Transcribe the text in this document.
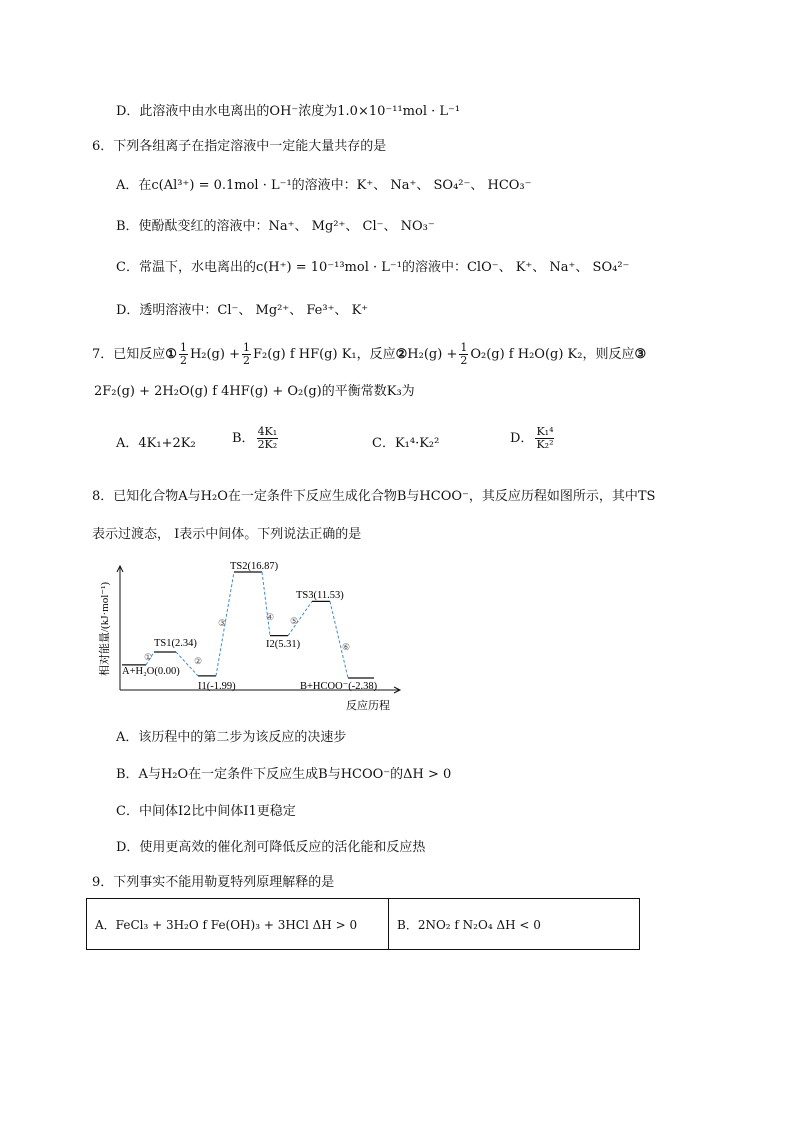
D．此溶液中由水电离出的OH⁻浓度为1.0×10⁻¹¹mol · L⁻¹
6．下列各组离子在指定溶液中一定能大量共存的是
A．在c(Al³⁺) = 0.1mol · L⁻¹的溶液中：K⁺、 Na⁺、 SO₄²⁻、 HCO₃⁻
B．使酚酞变红的溶液中：Na⁺、 Mg²⁺、 Cl⁻、 NO₃⁻
C．常温下，水电离出的c(H⁺) = 10⁻¹³mol · L⁻¹的溶液中：ClO⁻、 K⁺、 Na⁺、 SO₄²⁻
D．透明溶液中：Cl⁻、 Mg²⁺、 Fe³⁺、 K⁺
7．已知反应① $\frac{1}{2} H_2(g) + \frac{1}{2} F_2(g)$ f HF(g) K₁，反应②H₂(g) + $\frac{1}{2} O_2(g)$ f H₂O(g) K₂，则反应③
2F₂(g) + 2H₂O(g) f 4HF(g) + O₂(g)的平衡常数K₃为
A．4K₁+2K₂	B． $\frac{\text{4K₁}}{\text{2K₂}}$	C．K₁⁴·K₂²	D． $\frac{\text{K₁⁴}}{\text{K₂²}}$
8．已知化合物A与H₂O在一定条件下反应生成化合物B与HCOO⁻，其反应历程如图所示，其中TS
表示过渡态， I表示中间体。下列说法正确的是
相对能量/(kJ·mol⁻¹)
反应历程
A+H₂O(0.00)
TS1(2.34)
I1(-1.99)
TS2(16.87)
I2(5.31)
TS3(11.53)
B+HCOO⁻(-2.38)
①	②
③
④ ⑤
⑥
A．该历程中的第二步为该反应的决速步
B．A与H₂O在一定条件下反应生成B与HCOO⁻的ΔH > 0
C．中间体I2比中间体I1更稳定
D．使用更高效的催化剂可降低反应的活化能和反应热
9．下列事实不能用勒夏特列原理解释的是
A．FeCl₃ + 3H₂O f Fe(OH)₃ + 3HCl ΔH > 0	B．2NO₂ f N₂O₄ ΔH < 0
